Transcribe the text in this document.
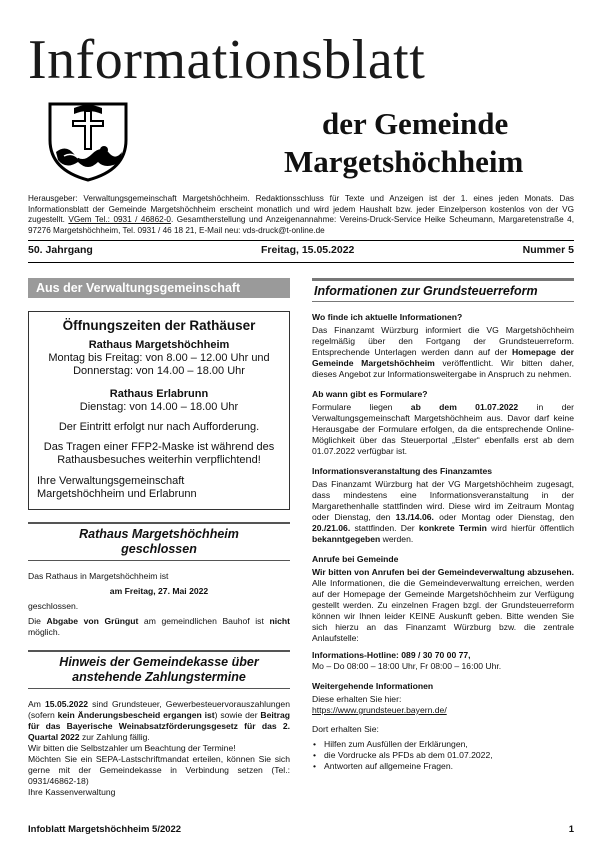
Informationsblatt
der Gemeinde
Margetshöchheim
Herausgeber: Verwaltungsgemeinschaft Margetshöchheim. Redaktionsschluss für Texte und Anzeigen ist der 1. eines jeden Monats. Das Informationsblatt der Gemeinde Margetshöchheim erscheint monatlich und wird jedem Haushalt bzw. jeder Einzelperson kostenlos von der VG zugestellt. VGem Tel.: 0931 / 46862-0. Gesamtherstellung und Anzeigenannahme: Vereins-Druck-Service Heike Scheumann, Margaretenstraße 4, 97276 Margetshöchheim, Tel. 0931 / 46 18 21, E-Mail neu: vds-druck@t-online.de
50. Jahrgang	Freitag, 15.05.2022	Nummer 5
Aus der Verwaltungsgemeinschaft
Öffnungszeiten der Rathäuser
Rathaus Margetshöchheim
Montag bis Freitag: von 8.00 – 12.00 Uhr und
Donnerstag: von 14.00 – 18.00 Uhr
Rathaus Erlabrunn
Dienstag: von 14.00 – 18.00 Uhr
Der Eintritt erfolgt nur nach Aufforderung.
Das Tragen einer FFP2-Maske ist während des
Rathausbesuches weiterhin verpflichtend!
Ihre Verwaltungsgemeinschaft
Margetshöchheim und Erlabrunn
Rathaus Margetshöchheim
geschlossen
Das Rathaus in Margetshöchheim ist
am Freitag, 27. Mai 2022
geschlossen.
Die Abgabe von Grüngut am gemeindlichen Bauhof ist nicht möglich.
Hinweis der Gemeindekasse über
anstehende Zahlungstermine
Am 15.05.2022 sind Grundsteuer, Gewerbesteuervorauszahlungen (sofern kein Änderungsbescheid ergangen ist) sowie der Beitrag für das Bayerische Weinabsatzförderungsgesetz für das 2. Quartal 2022 zur Zahlung fällig.
Wir bitten die Selbstzahler um Beachtung der Termine!
Möchten Sie ein SEPA-Lastschriftmandat erteilen, können Sie sich gerne mit der Gemeindekasse in Verbindung setzen (Tel.: 0931/46862-18)
Ihre Kassenverwaltung
Informationen zur Grundsteuerreform
Wo finde ich aktuelle Informationen?
Das Finanzamt Würzburg informiert die VG Margetshöchheim regelmäßig über den Fortgang der Grundsteuerreform. Entsprechende Unterlagen werden dann auf der Homepage der Gemeinde Margetshöchheim veröffentlicht. Wir bitten daher, dieses Angebot zur Informationsweitergabe in Anspruch zu nehmen.
Ab wann gibt es Formulare?
Formulare liegen ab dem 01.07.2022 in der Verwaltungsgemeinschaft Margetshöchheim aus. Davor darf keine Herausgabe der Formulare erfolgen, da die entsprechende Online-Möglichkeit über das Steuerportal „Elster“ ebenfalls erst ab dem 01.07.2022 verfügbar ist.
Informationsveranstaltung des Finanzamtes
Das Finanzamt Würzburg hat der VG Margetshöchheim zugesagt, dass mindestens eine Informationsveranstaltung in der Margarethenhalle stattfinden wird. Diese wird im Zeitraum Montag oder Dienstag, den 13./14.06. oder Montag oder Dienstag, den 20./21.06. stattfinden. Der konkrete Termin wird hierfür öffentlich bekanntgegeben werden.
Anrufe bei Gemeinde
Wir bitten von Anrufen bei der Gemeindeverwaltung abzusehen. Alle Informationen, die die Gemeindeverwaltung erreichen, werden auf der Homepage der Gemeinde Margetshöchheim zur Verfügung gestellt werden. Zu einzelnen Fragen bzgl. der Grundsteuerreform können wir Ihnen leider KEINE Auskunft geben. Bitte wenden Sie sich hierzu an das Finanzamt Würzburg bzw. die zentrale Anlaufstelle:
Informations-Hotline: 089 / 30 70 00 77,
Mo – Do 08:00 – 18:00 Uhr, Fr 08:00 – 16:00 Uhr.
Weitergehende Informationen
Diese erhalten Sie hier:
https://www.grundsteuer.bayern.de/
Dort erhalten Sie:
• Hilfen zum Ausfüllen der Erklärungen,
• die Vordrucke als PFDs ab dem 01.07.2022,
• Antworten auf allgemeine Fragen.
Infoblatt Margetshöchheim 5/2022	1
